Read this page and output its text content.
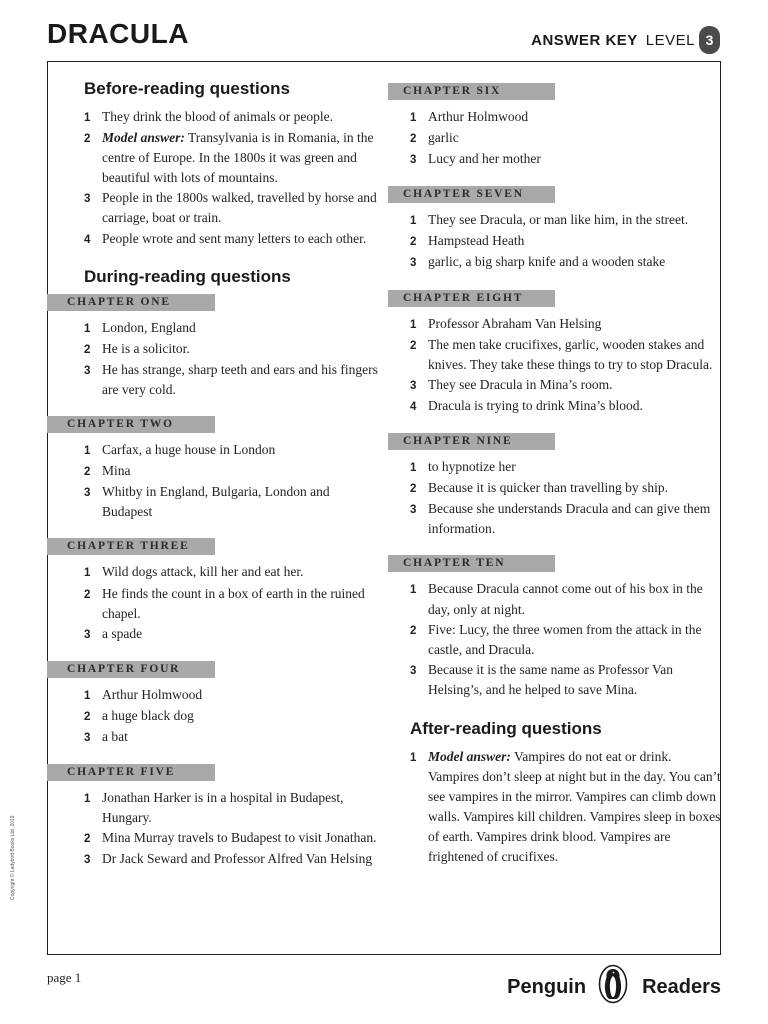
DRACULA	ANSWER KEY LEVEL 3
Before-reading questions
1 They drink the blood of animals or people.
2 Model answer: Transylvania is in Romania, in the centre of Europe. In the 1800s it was green and beautiful with lots of mountains.
3 People in the 1800s walked, travelled by horse and carriage, boat or train.
4 People wrote and sent many letters to each other.
During-reading questions
CHAPTER ONE
1 London, England
2 He is a solicitor.
3 He has strange, sharp teeth and ears and his fingers are very cold.
CHAPTER TWO
1 Carfax, a huge house in London
2 Mina
3 Whitby in England, Bulgaria, London and Budapest
CHAPTER THREE
1 Wild dogs attack, kill her and eat her.
2 He finds the count in a box of earth in the ruined chapel.
3 a spade
CHAPTER FOUR
1 Arthur Holmwood
2 a huge black dog
3 a bat
CHAPTER FIVE
1 Jonathan Harker is in a hospital in Budapest, Hungary.
2 Mina Murray travels to Budapest to visit Jonathan.
3 Dr Jack Seward and Professor Alfred Van Helsing
CHAPTER SIX
1 Arthur Holmwood
2 garlic
3 Lucy and her mother
CHAPTER SEVEN
1 They see Dracula, or man like him, in the street.
2 Hampstead Heath
3 garlic, a big sharp knife and a wooden stake
CHAPTER EIGHT
1 Professor Abraham Van Helsing
2 The men take crucifixes, garlic, wooden stakes and knives. They take these things to try to stop Dracula.
3 They see Dracula in Mina’s room.
4 Dracula is trying to drink Mina’s blood.
CHAPTER NINE
1 to hypnotize her
2 Because it is quicker than travelling by ship.
3 Because she understands Dracula and can give them information.
CHAPTER TEN
1 Because Dracula cannot come out of his box in the day, only at night.
2 Five: Lucy, the three women from the attack in the castle, and Dracula.
3 Because it is the same name as Professor Van Helsing’s, and he helped to save Mina.
After-reading questions
1 Model answer: Vampires do not eat or drink. Vampires don’t sleep at night but in the day. You can’t see vampires in the mirror. Vampires can climb down walls. Vampires kill children. Vampires sleep in boxes of earth. Vampires drink blood. Vampires are frightened of crucifixes.
Copyright © Ladybird Books Ltd, 2019
page 1	Penguin	Readers
